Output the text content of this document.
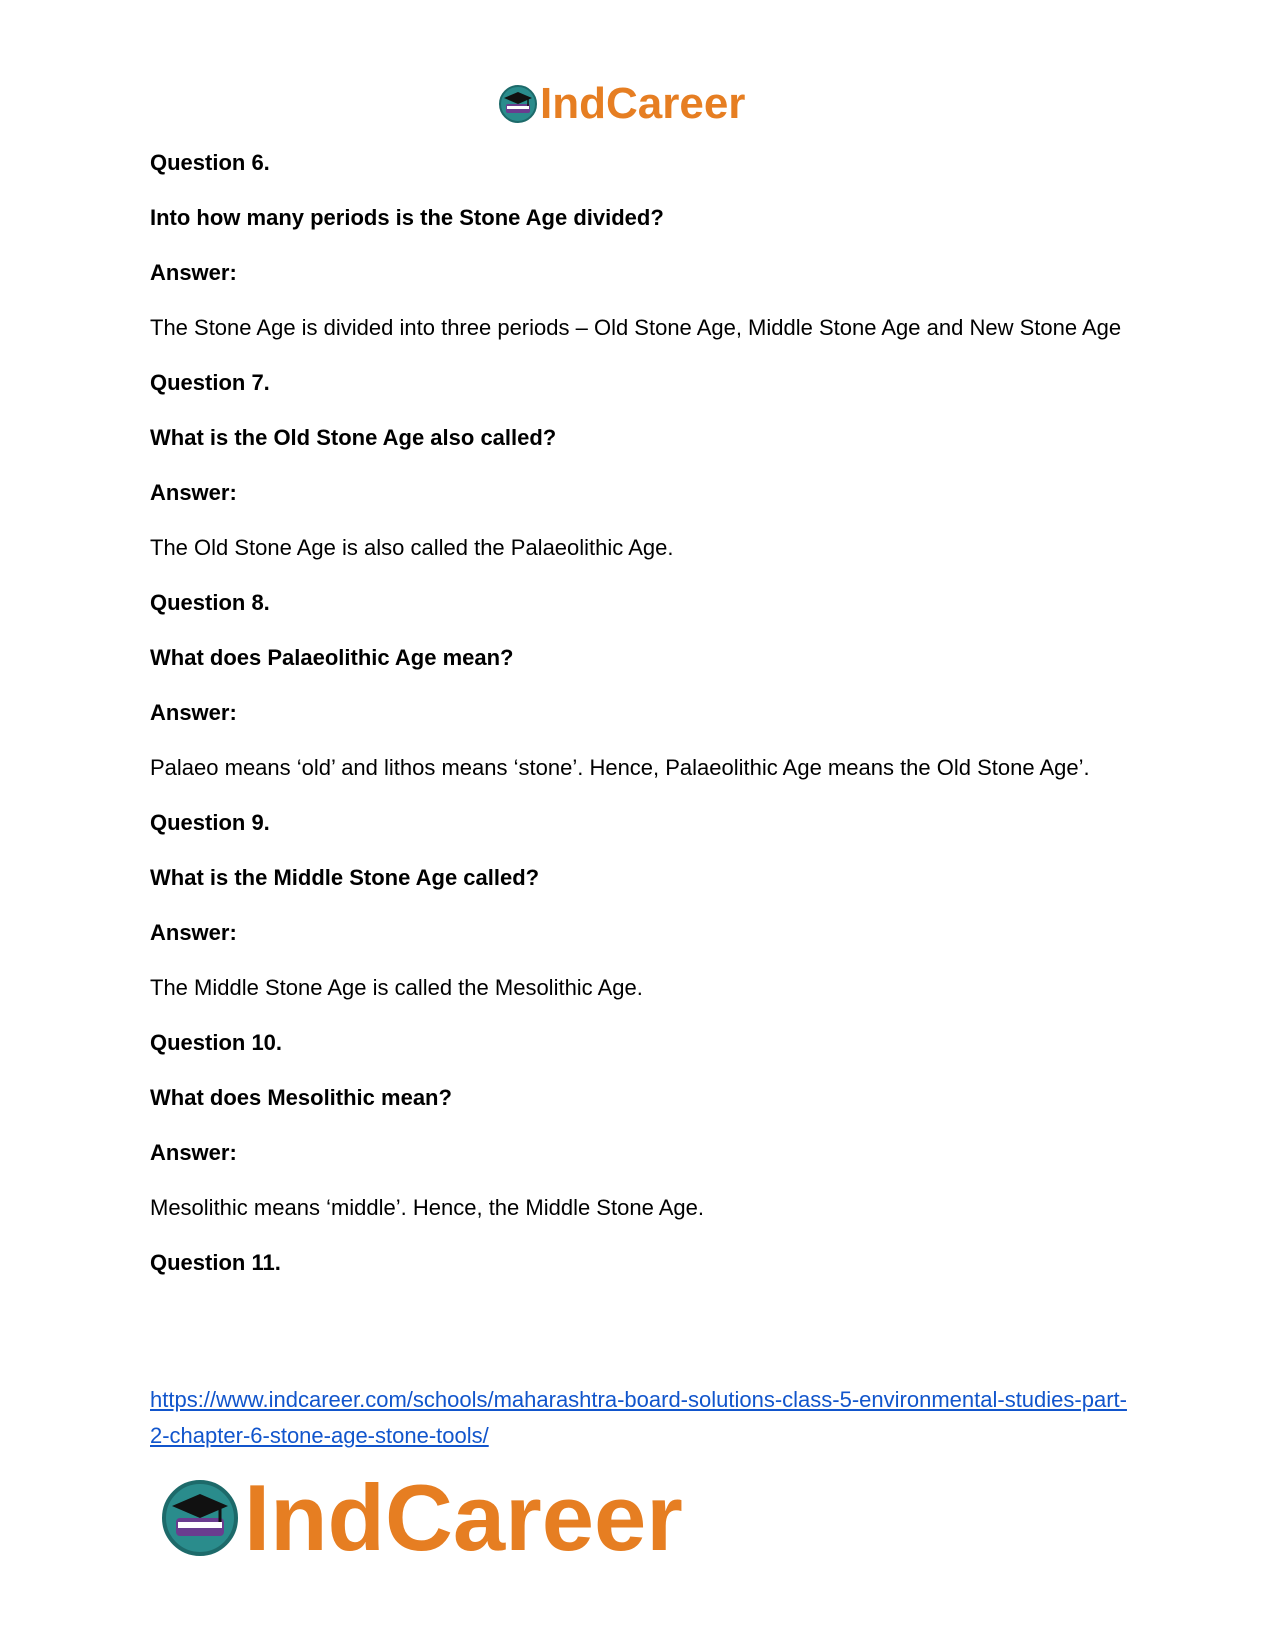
IndCareer

Question 6.

Into how many periods is the Stone Age divided?

Answer:

The Stone Age is divided into three periods – Old Stone Age, Middle Stone Age and New Stone Age

Question 7.

What is the Old Stone Age also called?

Answer:

The Old Stone Age is also called the Palaeolithic Age.

Question 8.

What does Palaeolithic Age mean?

Answer:

Palaeo means ‘old’ and lithos means ‘stone’. Hence, Palaeolithic Age means the Old Stone Age’.

Question 9.

What is the Middle Stone Age called?

Answer:

The Middle Stone Age is called the Mesolithic Age.

Question 10.

What does Mesolithic mean?

Answer:

Mesolithic means ‘middle’. Hence, the Middle Stone Age.

Question 11.

https://www.indcareer.com/schools/maharashtra-board-solutions-class-5-environmental-studies-part-2-chapter-6-stone-age-stone-tools/
IndCareer
